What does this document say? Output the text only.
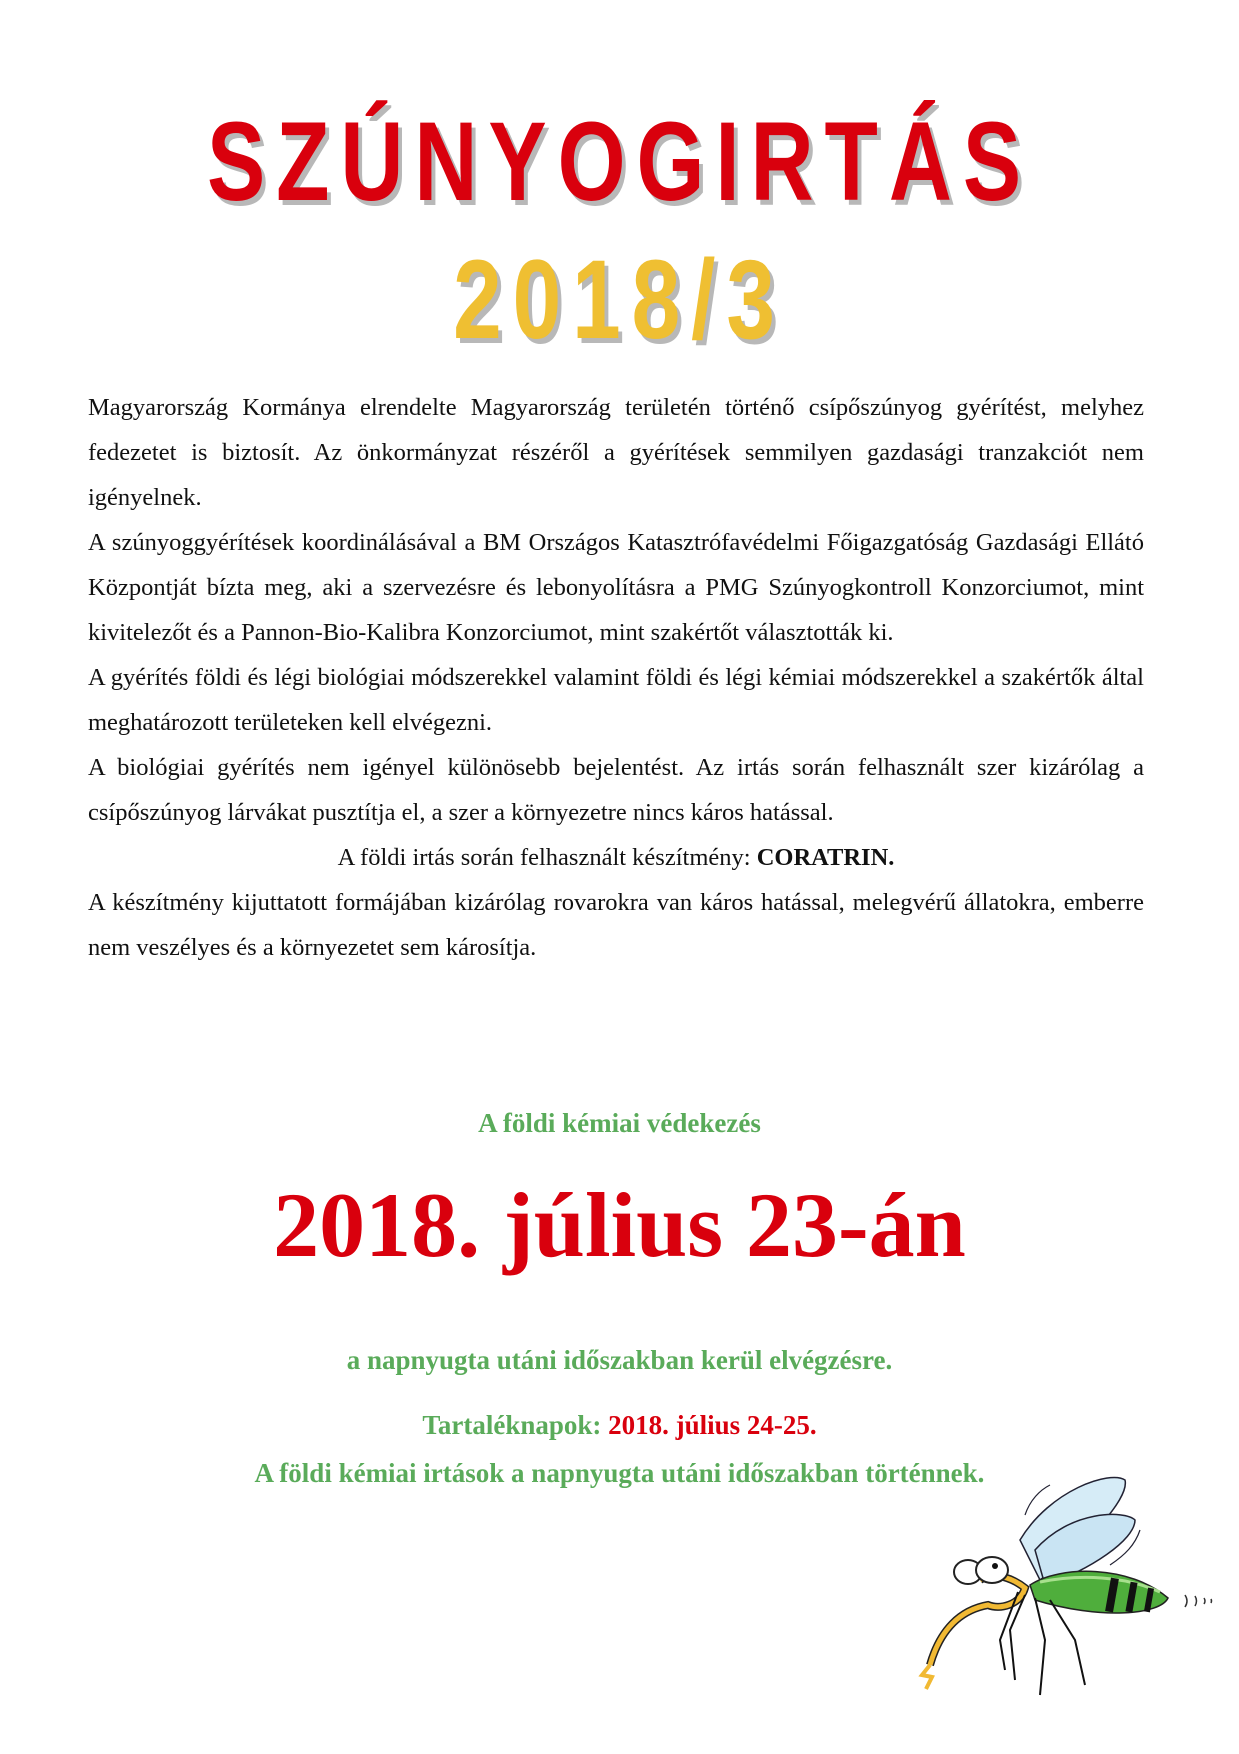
SZÚNYOGIRTÁS
2018/3

Magyarország Kormánya elrendelte Magyarország területén történő csípőszúnyog gyérítést, melyhez fedezetet is biztosít. Az önkormányzat részéről a gyérítések semmilyen gazdasági tranzakciót nem igényelnek.

A szúnyoggyérítések koordinálásával a BM Országos Katasztrófavédelmi Főigazgatóság Gazdasági Ellátó Központját bízta meg, aki a szervezésre és lebonyolításra a PMG Szúnyogkontroll Konzorciumot, mint kivitelezőt és a Pannon-Bio-Kalibra Konzorciumot, mint szakértőt választották ki.

A gyérítés földi és légi biológiai módszerekkel valamint földi és légi kémiai módszerekkel a szakértők által meghatározott területeken kell elvégezni.

A biológiai gyérítés nem igényel különösebb bejelentést. Az irtás során felhasznált szer kizárólag a csípőszúnyog lárvákat pusztítja el, a szer a környezetre nincs káros hatással.

A földi irtás során felhasznált készítmény: CORATRIN.

A készítmény kijuttatott formájában kizárólag rovarokra van káros hatással, melegvérű állatokra, emberre nem veszélyes és a környezetet sem károsítja.

A földi kémiai védekezés
2018. július 23-án
a napnyugta utáni időszakban kerül elvégzésre.
Tartaléknapok: 2018. július 24-25.
A földi kémiai irtások a napnyugta utáni időszakban történnek.
